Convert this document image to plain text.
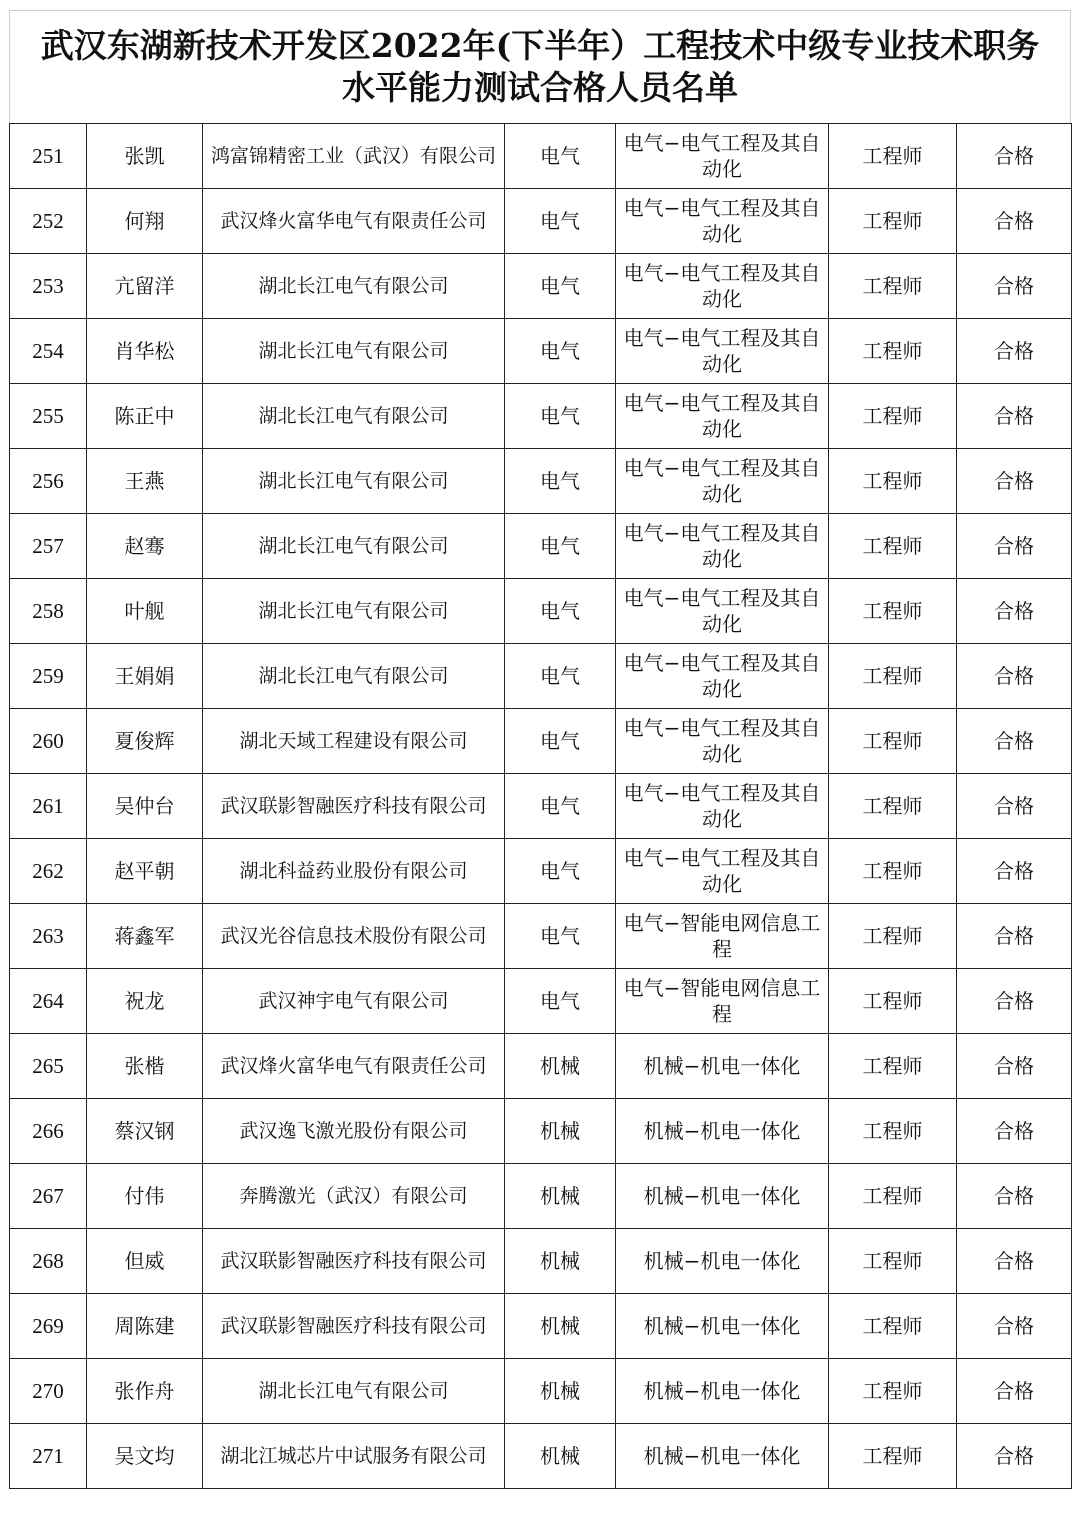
武汉东湖新技术开发区2022年(下半年）工程技术中级专业技术职务
水平能力测试合格人员名单
251	张凯	鸿富锦精密工业（武汉）有限公司	电气	电气−电气工程及其自动化	工程师	合格
252	何翔	武汉烽火富华电气有限责任公司	电气	电气−电气工程及其自动化	工程师	合格
253	亢留洋	湖北长江电气有限公司	电气	电气−电气工程及其自动化	工程师	合格
254	肖华松	湖北长江电气有限公司	电气	电气−电气工程及其自动化	工程师	合格
255	陈正中	湖北长江电气有限公司	电气	电气−电气工程及其自动化	工程师	合格
256	王燕	湖北长江电气有限公司	电气	电气−电气工程及其自动化	工程师	合格
257	赵骞	湖北长江电气有限公司	电气	电气−电气工程及其自动化	工程师	合格
258	叶舰	湖北长江电气有限公司	电气	电气−电气工程及其自动化	工程师	合格
259	王娟娟	湖北长江电气有限公司	电气	电气−电气工程及其自动化	工程师	合格
260	夏俊辉	湖北天域工程建设有限公司	电气	电气−电气工程及其自动化	工程师	合格
261	吴仲台	武汉联影智融医疗科技有限公司	电气	电气−电气工程及其自动化	工程师	合格
262	赵平朝	湖北科益药业股份有限公司	电气	电气−电气工程及其自动化	工程师	合格
263	蒋鑫军	武汉光谷信息技术股份有限公司	电气	电气−智能电网信息工程	工程师	合格
264	祝龙	武汉神宇电气有限公司	电气	电气−智能电网信息工程	工程师	合格
265	张楷	武汉烽火富华电气有限责任公司	机械	机械−机电一体化	工程师	合格
266	蔡汉钢	武汉逸飞激光股份有限公司	机械	机械−机电一体化	工程师	合格
267	付伟	奔腾激光（武汉）有限公司	机械	机械−机电一体化	工程师	合格
268	但威	武汉联影智融医疗科技有限公司	机械	机械−机电一体化	工程师	合格
269	周陈建	武汉联影智融医疗科技有限公司	机械	机械−机电一体化	工程师	合格
270	张作舟	湖北长江电气有限公司	机械	机械−机电一体化	工程师	合格
271	吴文均	湖北江城芯片中试服务有限公司	机械	机械−机电一体化	工程师	合格
